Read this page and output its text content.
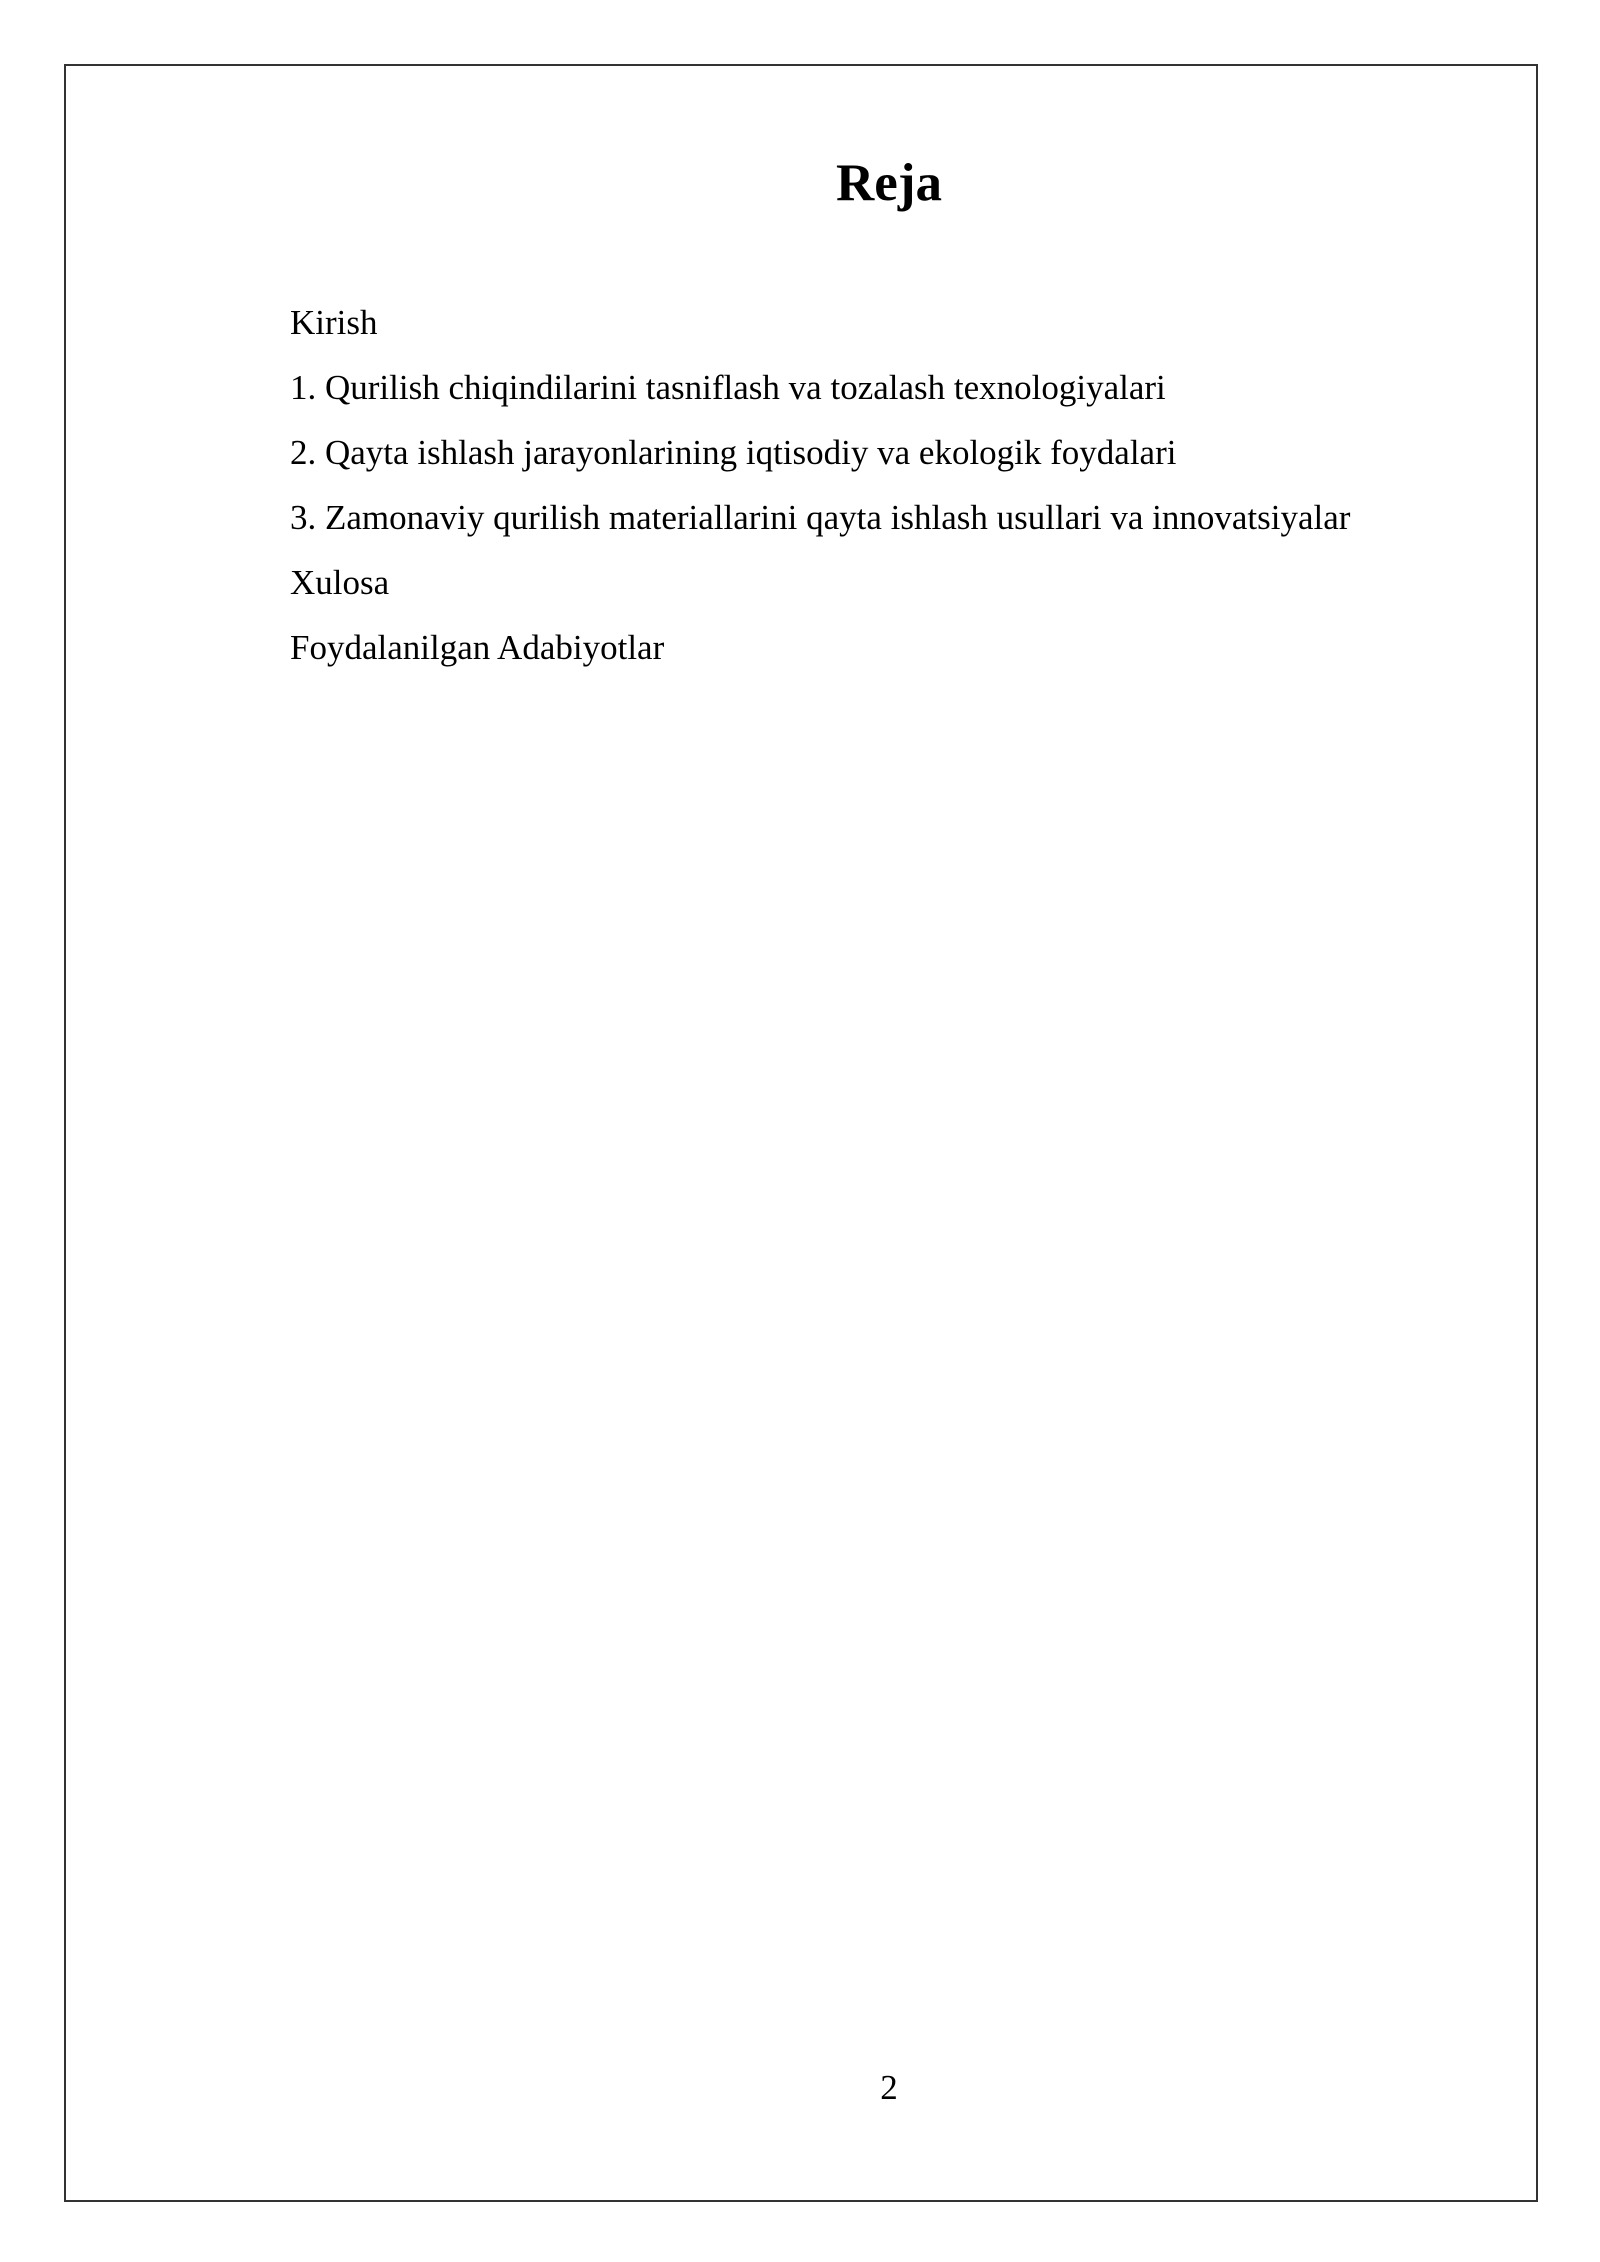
Reja
Kirish
1. Qurilish chiqindilarini tasniflash va tozalash texnologiyalari
2. Qayta ishlash jarayonlarining iqtisodiy va ekologik foydalari
3. Zamonaviy qurilish materiallarini qayta ishlash usullari va innovatsiyalar
Xulosa
Foydalanilgan Adabiyotlar
2
